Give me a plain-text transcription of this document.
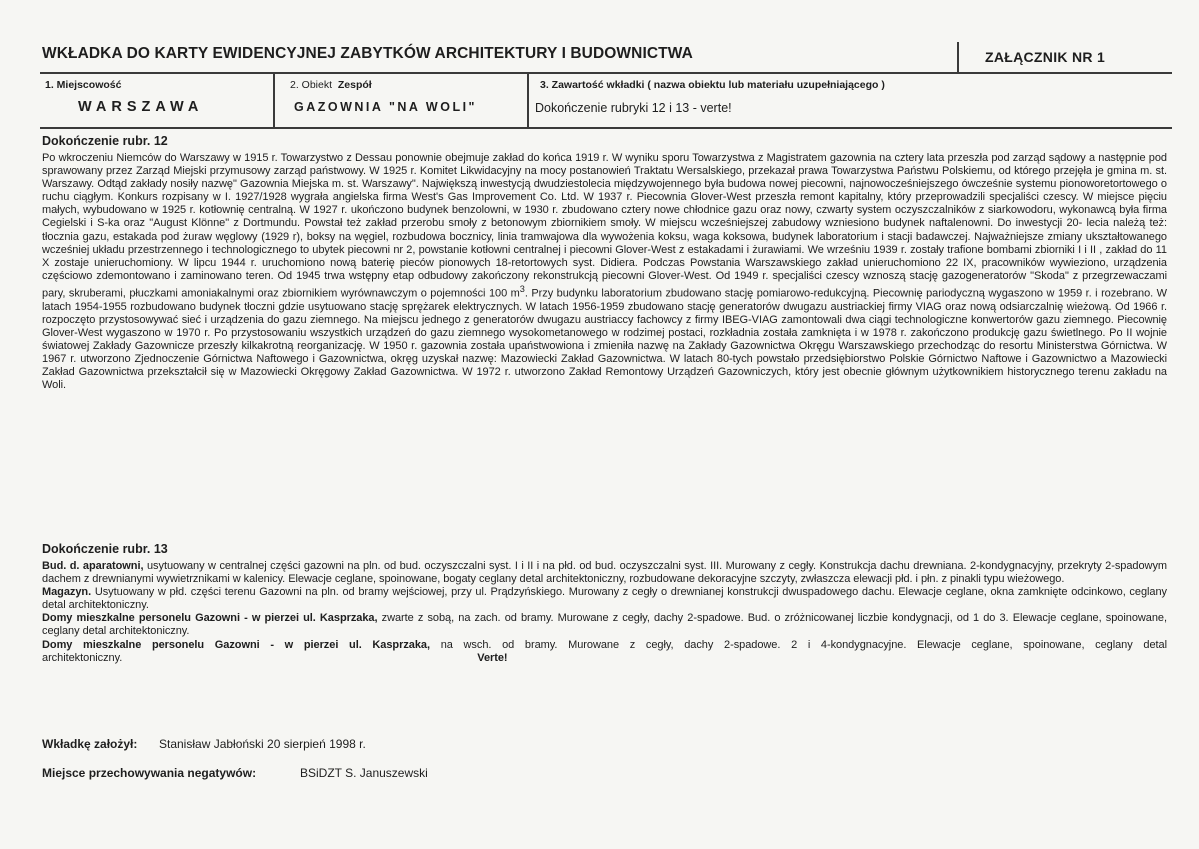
WKŁADKA DO KARTY EWIDENCYJNEJ ZABYTKÓW ARCHITEKTURY I BUDOWNICTWA	ZAŁĄCZNIK NR 1
1. Miejscowość
WARSZAWA
2. Obiekt Zespół
GAZOWNIA "NA WOLI"
3. Zawartość wkładki ( nazwa obiektu lub materiału uzupełniającego )
Dokończenie rubryki 12 i 13 - verte!
Dokończenie rubr. 12

Po wkroczeniu Niemców do Warszawy w 1915 r. Towarzystwo z Dessau ponownie obejmuje zakład do końca 1919 r. W wyniku sporu Towarzystwa z Magistratem gazownia na cztery lata przeszła pod zarząd sądowy a następnie pod sprawowany przez Zarząd Miejski przymusowy zarząd państwowy. W 1925 r. Komitet Likwidacyjny na mocy postanowień Traktatu Wersalskiego, przekazał prawa Towarzystwa Państwu Polskiemu, od którego przejęła je gmina m. st. Warszawy. Odtąd zakłady nosiły nazwę" Gazownia Miejska m. st. Warszawy". Największą inwestycją dwudziestolecia międzywojennego była budowa nowej piecowni, najnowocześniejszego ówcześnie systemu pionoworetortowego o ruchu ciągłym. Konkurs rozpisany w I. 1927/1928 wygrała angielska firma West's Gas Improvement Co. Ltd. W 1937 r. Piecownia Glover-West przeszła remont kapitalny, który przeprowadzili specjaliści czescy. W miejsce pięciu małych, wybudowano w 1925 r. kotłownię centralną. W 1927 r. ukończono budynek benzolowni, w 1930 r. zbudowano cztery nowe chłodnice gazu oraz nowy, czwarty system oczyszczalników z siarkowodoru, wykonawcą była firma Cegielski i S-ka oraz "August Klönne" z Dortmundu. Powstał też zakład przerobu smoły z betonowym zbiornikiem smoły. W miejscu wcześniejszej zabudowy wzniesiono budynek naftalenowni. Do inwestycji 20- lecia należą też: tłocznia gazu, estakada pod żuraw węglowy (1929 r), boksy na węgiel, rozbudowa bocznicy, linia tramwajowa dla wywożenia koksu, waga koksowa, budynek laboratorium i stacji badawczej. Najważniejsze zmiany ukształtowanego wcześniej układu przestrzennego i technologicznego to ubytek piecowni nr 2, powstanie kotłowni centralnej i piecowni Glover-West z estakadami i żurawiami. We wrześniu 1939 r. zostały trafione bombami zbiorniki I i II , zakład do 11 X zostaje unieruchomiony. W lipcu 1944 r. uruchomiono nową baterię pieców pionowych 18-retortowych syst. Didiera. Podczas Powstania Warszawskiego zakład unieruchomiono 22 IX, pracowników wywieziono, urządzenia częściowo zdemontowano i zaminowano teren. Od 1945 trwa wstępny etap odbudowy zakończony rekonstrukcją piecowni Glover-West. Od 1949 r. specjaliści czescy wznoszą stację gazogeneratorów "Skoda" z przegrzewaczami pary, skruberami, płuczkami amoniakalnymi oraz zbiornikiem wyrównawczym o pojemności 100 $m^3$. Przy budynku laboratorium zbudowano stację pomiarowo-redukcyjną. Piecownię pariodyczną wygaszono w 1959 r. i rozebrano. W latach 1954-1955 rozbudowano budynek tłoczni gdzie usytuowano stację sprężarek elektrycznych. W latach 1956-1959 zbudowano stację generatorów dwugazu austriackiej firmy VIAG oraz nową odsiarczalnię wieżową. Od 1966 r. rozpoczęto przystosowywać sieć i urządzenia do gazu ziemnego. Na miejscu jednego z generatorów dwugazu austriaccy fachowcy z firmy IBEG-VIAG zamontowali dwa ciągi technologiczne konwertorów gazu ziemnego. Piecownię Glover-West wygaszono w 1970 r. Po przystosowaniu wszystkich urządzeń do gazu ziemnego wysokometanowego w rodzimej postaci, rozkładnia została zamknięta i w 1978 r. zakończono produkcję gazu świetlnego. Po II wojnie światowej Zakłady Gazownicze przeszły kilkakrotną reorganizację. W 1950 r. gazownia została upaństwowiona i zmieniła nazwę na Zakłady Gazownictwa Okręgu Warszawskiego przechodząc do resortu Ministerstwa Górnictwa. W 1967 r. utworzono Zjednoczenie Górnictwa Naftowego i Gazownictwa, okręg uzyskał nazwę: Mazowiecki Zakład Gazownictwa. W latach 80-tych powstało przedsiębiorstwo Polskie Górnictwo Naftowe i Gazownictwo a Mazowiecki Zakład Gazownictwa przekształcił się w Mazowiecki Okręgowy Zakład Gazownictwa. W 1972 r. utworzono Zakład Remontowy Urządzeń Gazowniczych, który jest obecnie głównym użytkownikiem historycznego terenu zakładu na Woli.

Dokończenie rubr. 13

Bud. d. aparatowni, usytuowany w centralnej części gazowni na pln. od bud. oczyszczalni syst. I i II i na płd. od bud. oczyszczalni syst. III. Murowany z cegły. Konstrukcja dachu drewniana. 2-kondygnacyjny, przekryty 2-spadowym dachem z drewnianymi wywietrznikami w kalenicy. Elewacje ceglane, spoinowane, bogaty ceglany detal architektoniczny, rozbudowane dekoracyjne szczyty, zwłaszcza elewacji płd. i płn. z pinakli typu wieżowego.

Magazyn. Usytuowany w płd. części terenu Gazowni na pln. od bramy wejściowej, przy ul. Prądzyńskiego. Murowany z cegły o drewnianej konstrukcji dwuspadowego dachu. Elewacje ceglane, okna zamknięte odcinkowo, ceglany detal architektoniczny.

Domy mieszkalne personelu Gazowni - w pierzei ul. Kasprzaka, zwarte z sobą, na zach. od bramy. Murowane z cegły, dachy 2-spadowe. Bud. o zróżnicowanej liczbie kondygnacji, od 1 do 3. Elewacje ceglane, spoinowane, ceglany detal architektoniczny.

Domy mieszkalne personelu Gazowni - w pierzei ul. Kasprzaka, na wsch. od bramy. Murowane z cegły, dachy 2-spadowe. 2 i 4-kondygnacyjne. Elewacje ceglane, spoinowane, ceglany detal architektoniczny.	Verte!

Wkładkę założył: Stanisław Jabłoński 20 sierpień 1998 r.
Miejsce przechowywania negatywów:	BSiDZT S. Januszewski
